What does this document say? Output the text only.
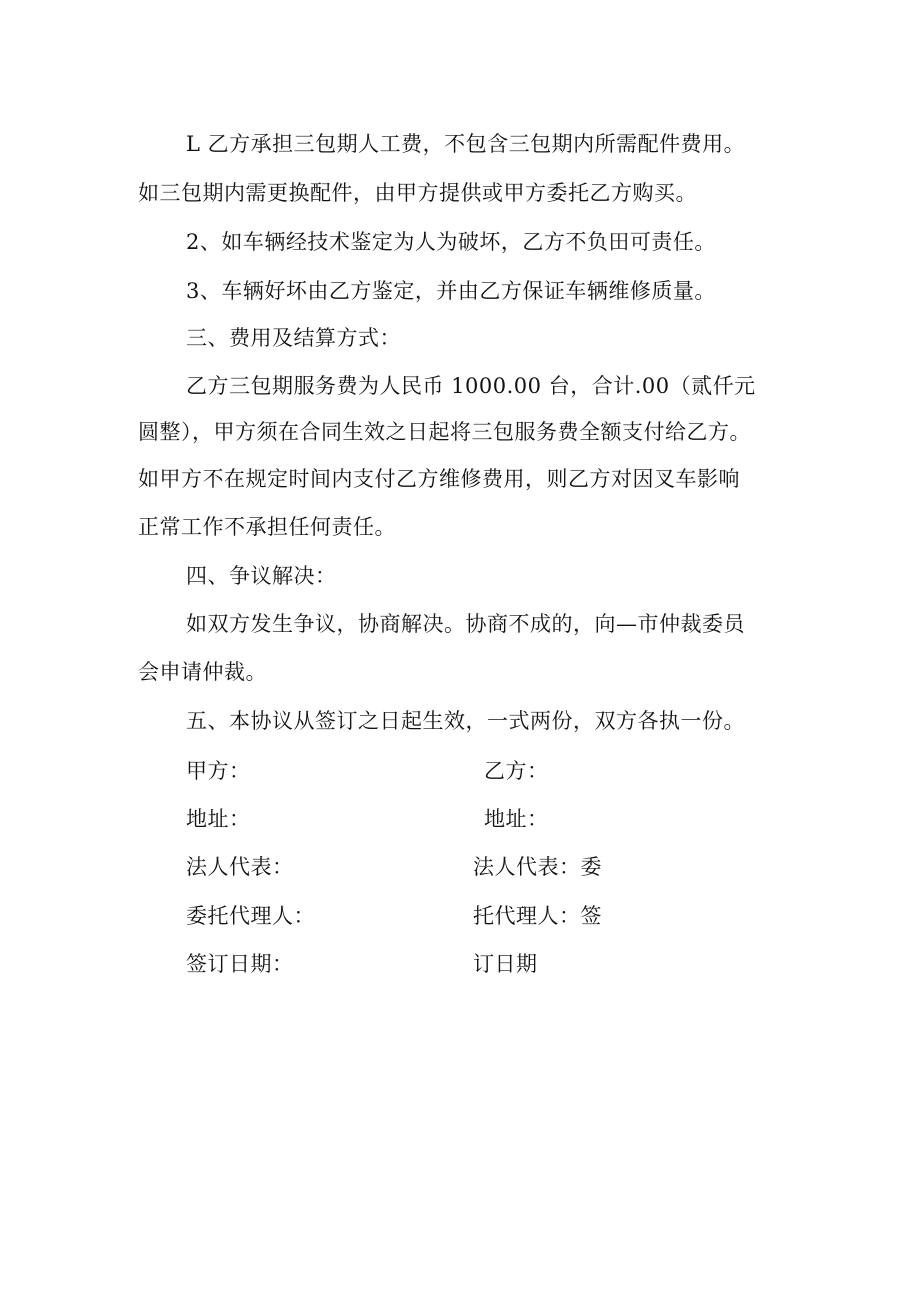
L 乙方承担三包期人工费，不包含三包期内所需配件费用。
如三包期内需更换配件，由甲方提供或甲方委托乙方购买。
2、如车辆经技术鉴定为人为破坏，乙方不负田可责任。
3、车辆好坏由乙方鉴定，并由乙方保证车辆维修质量。
三、费用及结算方式：
乙方三包期服务费为人民币 1000.00 台，合计.00（贰仟元
圆整），甲方须在合同生效之日起将三包服务费全额支付给乙方。
如甲方不在规定时间内支付乙方维修费用，则乙方对因叉车影响
正常工作不承担任何责任。
四、争议解决：
如双方发生争议，协商解决。协商不成的，向—市仲裁委员
会申请仲裁。
五、本协议从签订之日起生效，一式两份，双方各执一份。
甲方：	乙方：
地址：	地址：
法人代表：	法人代表：委
委托代理人：	托代理人：签
签订日期：	订日期
